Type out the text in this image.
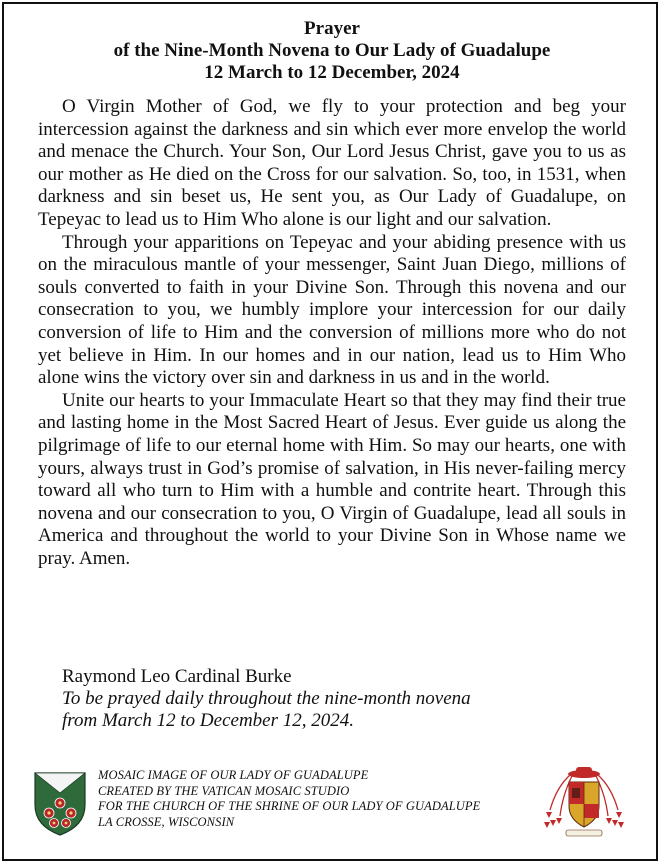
Prayer
of the Nine-Month Novena to Our Lady of Guadalupe
12 March to 12 December, 2024

O Virgin Mother of God, we fly to your protection and beg your intercession against the darkness and sin which ever more envelop the world and menace the Church. Your Son, Our Lord Jesus Christ, gave you to us as our mother as He died on the Cross for our salvation. So, too, in 1531, when darkness and sin beset us, He sent you, as Our Lady of Guadalupe, on Tepeyac to lead us to Him Who alone is our light and our salvation.

Through your apparitions on Tepeyac and your abiding presence with us on the miraculous mantle of your messenger, Saint Juan Diego, millions of souls converted to faith in your Divine Son. Through this novena and our consecration to you, we humbly implore your intercession for our daily conversion of life to Him and the conversion of millions more who do not yet believe in Him. In our homes and in our nation, lead us to Him Who alone wins the victory over sin and darkness in us and in the world.

Unite our hearts to your Immaculate Heart so that they may find their true and lasting home in the Most Sacred Heart of Jesus. Ever guide us along the pilgrimage of life to our eternal home with Him. So may our hearts, one with yours, always trust in God’s promise of salvation, in His never-failing mercy toward all who turn to Him with a humble and contrite heart. Through this novena and our consecration to you, O Virgin of Guadalupe, lead all souls in America and throughout the world to your Divine Son in Whose name we pray. Amen.

Raymond Leo Cardinal Burke
To be prayed daily throughout the nine-month novena
from March 12 to December 12, 2024.
MOSAIC IMAGE OF OUR LADY OF GUADALUPE
CREATED BY THE VATICAN MOSAIC STUDIO
FOR THE CHURCH OF THE SHRINE OF OUR LADY OF GUADALUPE
LA CROSSE, WISCONSIN
